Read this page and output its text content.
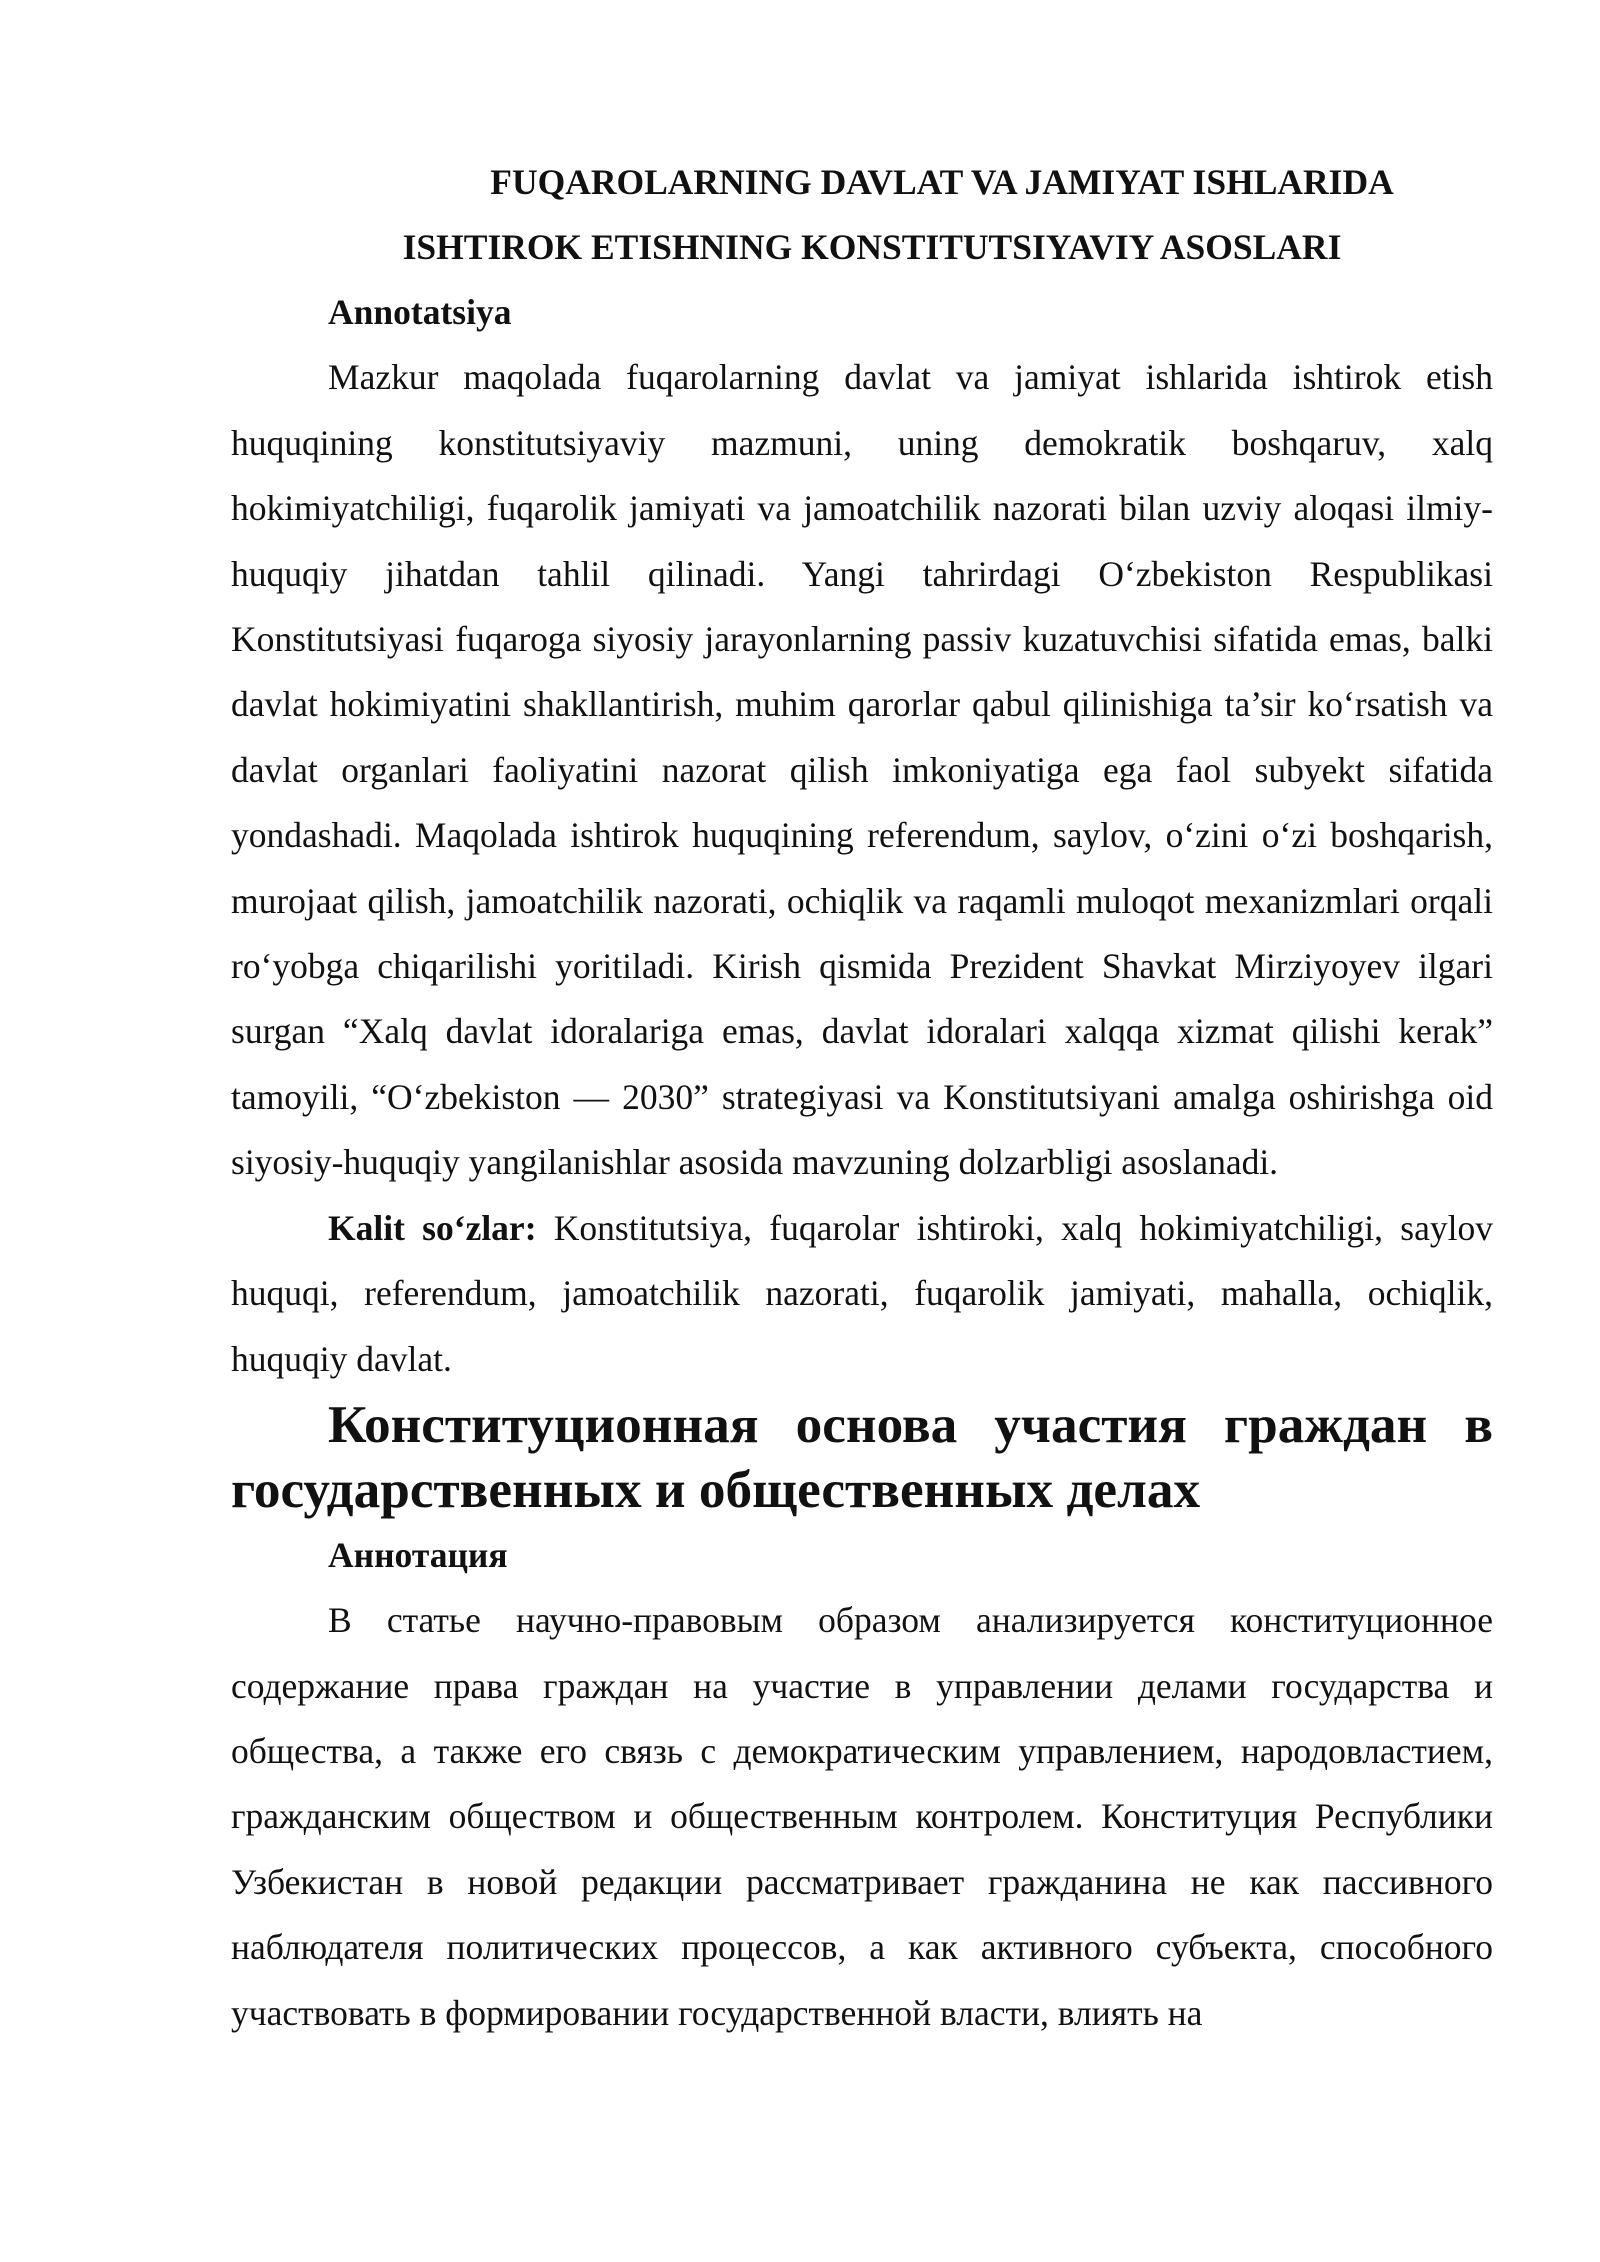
FUQAROLARNING DAVLAT VA JAMIYAT ISHLARIDA
ISHTIROK ETISHNING KONSTITUTSIYAVIY ASOSLARI
Annotatsiya

Mazkur maqolada fuqarolarning davlat va jamiyat ishlarida ishtirok etish huquqining konstitutsiyaviy mazmuni, uning demokratik boshqaruv, xalq hokimiyatchiligi, fuqarolik jamiyati va jamoatchilik nazorati bilan uzviy aloqasi ilmiy-huquqiy jihatdan tahlil qilinadi. Yangi tahrirdagi O‘zbekiston Respublikasi Konstitutsiyasi fuqaroga siyosiy jarayonlarning passiv kuzatuvchisi sifatida emas, balki davlat hokimiyatini shakllantirish, muhim qarorlar qabul qilinishiga ta’sir ko‘rsatish va davlat organlari faoliyatini nazorat qilish imkoniyatiga ega faol subyekt sifatida yondashadi. Maqolada ishtirok huquqining referendum, saylov, o‘zini o‘zi boshqarish, murojaat qilish, jamoatchilik nazorati, ochiqlik va raqamli muloqot mexanizmlari orqali ro‘yobga chiqarilishi yoritiladi. Kirish qismida Prezident Shavkat Mirziyoyev ilgari surgan “Xalq davlat idoralariga emas, davlat idoralari xalqqa xizmat qilishi kerak” tamoyili, “O‘zbekiston — 2030” strategiyasi va Konstitutsiyani amalga oshirishga oid siyosiy-huquqiy yangilanishlar asosida mavzuning dolzarbligi asoslanadi.

Kalit so‘zlar: Konstitutsiya, fuqarolar ishtiroki, xalq hokimiyatchiligi, saylov huquqi, referendum, jamoatchilik nazorati, fuqarolik jamiyati, mahalla, ochiqlik, huquqiy davlat.

Конституционная основа участия граждан в государственных и общественных делах
Аннотация

В статье научно-правовым образом анализируется конституционное содержание права граждан на участие в управлении делами государства и общества, а также его связь с демократическим управлением, народовластием, гражданским обществом и общественным контролем. Конституция Республики Узбекистан в новой редакции рассматривает гражданина не как пассивного наблюдателя политических процессов, а как активного субъекта, способного участвовать в формировании государственной власти, влиять на
